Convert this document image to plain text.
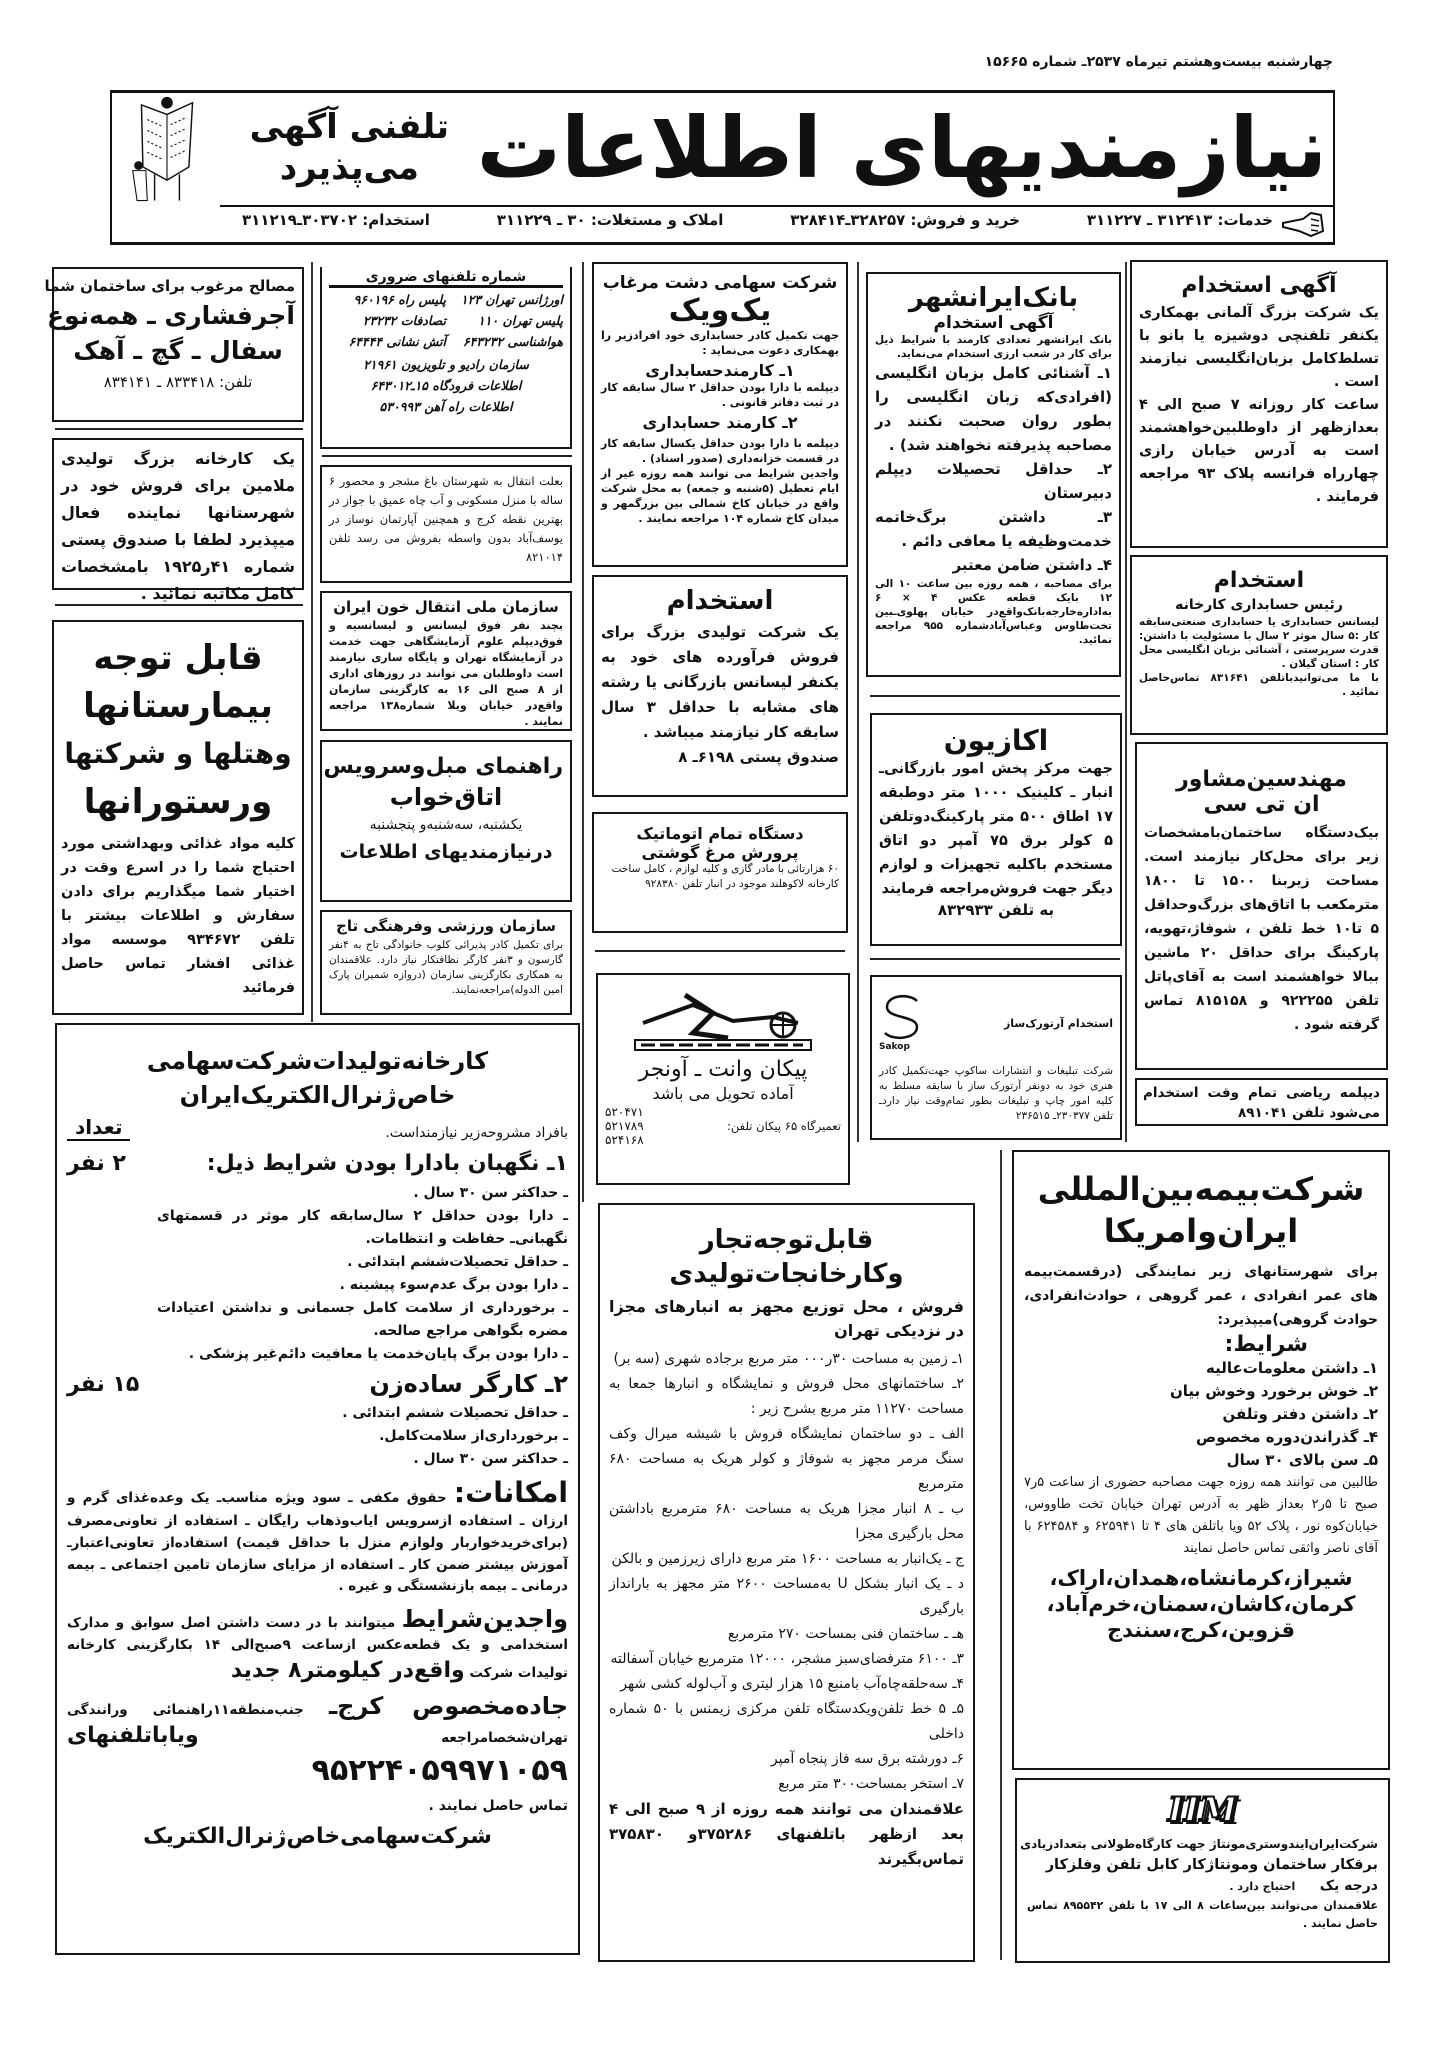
چهارشنبه بیست‌وهشتم تیرماه ۲۵۳۷ـ شماره ۱۵۶۶۵
نیازمندیهای اطلاعات
تلفنی آگهی می‌پذیرد
استخدام: ۳۰۳۷۰۲ـ۳۱۱۲۱۹	املاک و مستغلات: ۳۰ ـ ۳۱۱۲۲۹	خرید و فروش: ۳۲۸۲۵۷ـ۳۲۸۴۱۴	خدمات: ۳۱۲۴۱۳ ـ ۳۱۱۲۲۷

مصالح مرغوب برای ساختمان شما

آجرفشاری ـ همه‌نوع

سفال ـ گچ ـ آهک

تلفن: ۸۳۳۴۱۸ ـ ۸۳۴۱۴۱

یک کارخانه بزرگ تولیدی ملامین برای فروش خود در شهرستانها نماینده فعال میپذیرد لطفا با صندوق پستی شماره ۴۱ر۱۹۲۵ بامشخصات کامل مکاتبه نمائید .

قابل توجه

بیمارستانها

وهتلها و شرکتها

ورستورانها

کلیه مواد غذائی وبهداشتی مورد احتیاج شما را در اسرع وقت در اختیار شما میگذاریم برای دادن سفارش و اطلاعات بیشتر با تلفن ۹۳۴۶۷۲ موسسه مواد غذائی افشار تماس حاصل فرمائید

شماره تلفنهای ضروری

اورژانس تهران ۱۲۳
پلیس راه ۹۶۰۱۹۶
پلیس تهران ۱۱۰
تصادفات ۲۳۲۳۲
هواشناسی ۶۴۳۲۳۲
آتش نشانی ۶۴۴۴۴

سازمان رادیو و تلویزیون ۲۱۹۶۱

اطلاعات فرودگاه ۱۵ـ۶۴۳۰۱۲

اطلاعات راه آهن ۵۳۰۹۹۳

بعلت انتقال به شهرستان باغ مشجر و محصور ۶ ساله با منزل مسکونی و آب چاه عمیق با جواز در بهترین نقطه کرج و همچنین آپارتمان نوساز در یوسف‌آباد بدون واسطه بفروش می رسد تلفن ۸۲۱۰۱۴

سازمان ملی انتقال خون ایران

بچند نفر فوق لیسانس و لیسانسیه و فوق‌دیپلم علوم آزمایشگاهی جهت خدمت در آزمایشگاه تهران و پایگاه ساری نیازمند است داوطلبان می توانند در روزهای اداری از ۸ صبح الی ۱۶ به کارگزینی سازمان واقع‌در خیابان ویلا شماره۱۳۸ مراجعه نمایند .

راهنمای مبل‌وسرویس

اتاق‌خواب

یکشنبه، سه‌شنبه‌و پنجشنبه

درنیازمندیهای اطلاعات

سازمان ورزشی وفرهنگی تاج

برای تکمیل کادر پذیرائی کلوب خانوادگی تاج به ۴نفر گارسون و ۳نفر کارگر نظافتکار نیاز دارد. علاقمندان به همکاری بکارگزینی سازمان (دروازه شمیران پارک امین الدوله)مراجعه‌نمایند.

شرکت سهامی دشت مرغاب

یک‌ویک

جهت تکمیل کادر حسابداری خود افرادزیر را بهمکاری دعوت می‌نماید :

۱ـ کارمندحسابداری

دیپلمه با دارا بودن حداقل ۲ سال سابقه کار در ثبت دفاتر قانونی .

۲ـ کارمند حسابداری

دیپلمه با دارا بودن حداقل یکسال سابقه کار در قسمت خزانه‌داری (صدور اسناد) .

واجدین شرایط می توانند همه روزه غیر از ایام تعطیل (۵شنبه و جمعه) به محل شرکت واقع در خیابان کاخ شمالی بین بزرگمهر و میدان کاخ شماره ۱۰۴ مراجعه نمایند .

استخدام

یک شرکت تولیدی بزرگ برای فروش فرآورده های خود به یکنفر لیسانس بازرگانی یا رشته های مشابه با حداقل ۳ سال سابقه کار نیازمند میباشد .

صندوق پستی ۶۱۹۸ـ ۸

دستگاه تمام اتوماتیک

پرورش مرغ گوشتی

۶۰ هزارتائی با مادر گازی و کلیه لوازم ، کامل ساخت کارخانه لاکوهلند موجود در انبار تلفن ۹۲۸۳۸۰

پیکان وانت ـ آونجر

آماده تحویل می باشد

تعمیرگاه ۶۵ پیکان تلفن:
۵۲۰۴۷۱
۵۲۱۷۸۹
۵۲۴۱۶۸

بانک‌ایرانشهر

آگهی استخدام

بانک ایرانشهر تعدادی کارمند با شرایط ذیل برای کار در شعب ارزی استخدام می‌نماید.

۱ـ آشنائی کامل بزبان انگلیسی (افرادی‌که زبان انگلیسی را بطور روان صحبت نکنند در مصاحبه پذیرفته نخواهند شد) .

۲ـ حداقل تحصیلات دیپلم دبیرستان

۳ـ داشتن برگ‌خاتمه خدمت‌وظیفه یا معافی دائم .

۴ـ داشتن ضامن معتبر

برای مصاحبه ، همه روزه بین ساعت ۱۰ الی ۱۲ بایک قطعه عکس ۴ × ۶ به‌اداره‌خارجه‌بانک‌واقع‌در خیابان پهلوی‌ـبین تخت‌طاوس وعباس‌آبادشماره ۹۵۵ مراجعه نمائید.

اکازیون

جهت مرکز پخش امور بازرگانی‌ـ انبار ـ کلینیک ۱۰۰۰ متر دوطبقه ۱۷ اطاق ۵۰۰ متر پارکینگ‌دوتلفن ۵ کولر برق ۷۵ آمپر دو اتاق مستخدم باکلیه تجهیزات و لوازم دیگر جهت فروش‌مراجعه فرمایند

به تلفن ۸۳۲۹۳۳

استخدام آرتورک‌ساز
Sakop

شرکت تبلیغات و انتشارات ساکوپ جهت‌تکمیل کادر هنری خود به دونفر آرتورک ساز با سابقه مسلط به کلیه امور چاپ و تبلیغات بطور تمام‌وقت نیاز دارد‌ـ تلفن ۲۳۰۳۷۷ـ ۲۳۶۵۱۵

آگهی استخدام

یک شرکت بزرگ آلمانی بهمکاری یکنفر تلفنچی دوشیزه یا بانو با تسلط‌کامل بزبان‌انگلیسی نیازمند است .

ساعت کار روزانه ۷ صبح الی ۴ بعدازظهر از داوطلبین‌خواهشمند است به آدرس خیابان رازی چهارراه فرانسه پلاک ۹۳ مراجعه فرمایند .

استخدام

رئیس حسابداری کارخانه

لیسانس حسابداری یا حسابداری صنعتی‌سابقه کار :۵ سال موثر ۲ سال با مسئولیت با داشتن: قدرت سرپرستی ، آشنائی بزبان انگلیسی محل کار : استان گیلان .

با ما می‌توانیدباتلفن ۸۳۱۶۴۱ تماس‌حاصل نمائید .

مهندسین‌مشاور

ان تی سی

بیک‌دستگاه ساختمان‌بامشخصات زیر برای محل‌کار نیازمند است. مساحت زیربنا ۱۵۰۰ تا ۱۸۰۰ مترمکعب با اتاق‌های بزرگ‌وحداقل ۵ تا۱۰ خط تلفن ، شوفاژ،تهویه، پارکینگ برای حداقل ۲۰ ماشین ببالا خواهشمند است به آقای‌پاتل تلفن ۹۲۲۲۵۵ و ۸۱۵۱۵۸ تماس گرفته شود .

دیپلمه ریاضی تمام وقت استخدام می‌شود تلفن ۸۹۱۰۴۱

کارخانه‌تولیدات‌شرکت‌سهامی

خاص‌ژنرال‌الکتریک‌ایران

بافراد مشروحه‌زیر نیازمنداست.
تعداد
۱ـ نگهبان بادارا بودن شرایط ذیل:
۲ نفر

ـ حداکثر سن ۳۰ سال .

ـ دارا بودن حداقل ۲ سال‌سابقه کار موثر در قسمتهای نگهبانی‌ـ حفاظت و انتظامات.

ـ حداقل تحصیلات‌ششم ابتدائی .

ـ دارا بودن برگ عدم‌سوء پیشینه .

ـ برخورداری از سلامت کامل جسمانی و نداشتن اعتیادات مضره بگواهی مراجع صالحه.

ـ دارا بودن برگ پایان‌خدمت یا معافیت دائم‌غیر پزشکی .

۲ـ کارگر ساده‌زن
۱۵ نفر

ـ حداقل تحصیلات ششم ابتدائی .

ـ برخورداری‌از سلامت‌کامل.

ـ حداکثر سن ۳۰ سال .

امکانات: حقوق مکفی ـ سود ویژه مناسب‌ـ یک وعده‌غذای گرم و ارزان ـ استفاده ازسرویس ایاب‌وذهاب رایگان ـ استفاده از تعاونی‌مصرف (برای‌خریدخواربار ولوازم منزل با حداقل قیمت) استفاده‌از تعاونی‌اعتبارـ آموزش بیشتر ضمن کار ـ استفاده از مزایای سازمان تامین اجتماعی ـ بیمه درمانی ـ بیمه بازنشستگی و غیره .

واجدین‌شرایط میتوانند با در دست داشتن اصل سوابق و مدارک استخدامی و یک قطعه‌عکس ازساعت ۹صبح‌الی ۱۴ بکارگزینی کارخانه تولیدات شرکت واقع‌در کیلومتر۸ جدید

جاده‌مخصوص کرج‌ـ جنب‌منطقه۱۱راهنمائی ورانندگی تهران‌شخصامراجعه ویاباتلفنهای ۹۵۲۲۴۰۵۹۹۷۱۰۵۹

تماس حاصل نمایند .

شرکت‌سهامی‌خاص‌ژنرال‌الکتریک

قابل‌توجه‌تجار

وکارخانجات‌تولیدی

فروش ، محل توزیع مجهز به انبارهای مجزا در نزدیکی تهران

۱ـ زمین به مساحت ۳۰ر۰۰۰ متر مربع برجاده شهری (سه بر)

۲ـ ساختمانهای محل فروش و نمایشگاه و انبارها جمعا به مساحت ۱۱۲۷۰ متر مربع بشرح زیر :

الف ـ دو ساختمان نمایشگاه فروش با شیشه میرال وکف سنگ مرمر مجهز به شوفاژ و کولر هریک به مساحت ۶۸۰ مترمربع

ب ـ ۸ انبار مجزا هریک به مساحت ۶۸۰ مترمربع باداشتن محل بارگیری مجزا

ج ـ یک‌انبار به مساحت ۱۶۰۰ متر مربع دارای زیرزمین و بالکن

د ـ یک انبار بشکل U به‌مساحت ۲۶۰۰ متر مجهز به بارانداز بارگیری

هـ ـ ساختمان فنی بمساحت ۲۷۰ مترمربع

۳ـ ۶۱۰۰ مترفضای‌سبز مشجر، ۱۲۰۰۰ مترمربع خیابان آسفالته

۴ـ سه‌حلقه‌چاه‌آب بامنبع ۱۵ هزار لیتری و آب‌لوله کشی شهر

۵ـ ۵ خط تلفن‌ویکدستگاه تلفن مرکزی زیمنس با ۵۰ شماره داخلی

۶ـ دورشته برق سه فاز پنجاه آمپر

۷ـ استخر بمساحت۳۰۰ متر مربع

علاقمندان می توانند همه روزه از ۹ صبح الی ۴ بعد ازظهر باتلفنهای ۳۷۵۲۸۶و ۳۷۵۸۳۰ تماس‌بگیرند

شرکت‌بیمه‌بین‌المللی

ایران‌وامریکا

برای شهرستانهای زیر نمایندگی (درقسمت‌بیمه های عمر انفرادی ، عمر گروهی ، حوادث‌انفرادی، حوادث گروهی)میپذیرد:

شرایط:

۱ـ داشتن معلومات‌عالیه

۲ـ خوش برخورد وخوش بیان

۲ـ داشتن دفتر وتلفن

۴ـ گذراندن‌دوره مخصوص

۵ـ سن بالای ۳۰ سال

طالبین می توانند همه روزه جهت مصاحبه حضوری از ساعت ۵ر۷ صبح تا ۵ر۲ بعداز ظهر به آدرس تهران خیابان تخت طاووس، خیابان‌کوه نور ، پلاک ۵۲ ویا باتلفن های ۴ تا ۶۲۵۹۴۱ و ۶۲۴۵۸۴ با آقای ناصر واثقی تماس حاصل نمایند

شیراز،کرمانشاه،همدان،اراک،

کرمان،کاشان،سمنان،خرم‌آباد،

قزوین،کرج،سنندج

IIM

شرکت‌ایران‌ایندوستری‌مونتاژ جهت کارگاه‌طولانی بتعدادزیادی

برقکار ساختمان ومونتاژکار کابل تلفن وفلزکار

درجه یک     احتیاج دارد .

علاقمندان می‌توانند بین‌ساعات ۸ الی ۱۷ با تلفن ۸۹۵۵۴۲ تماس حاصل نمایند .
